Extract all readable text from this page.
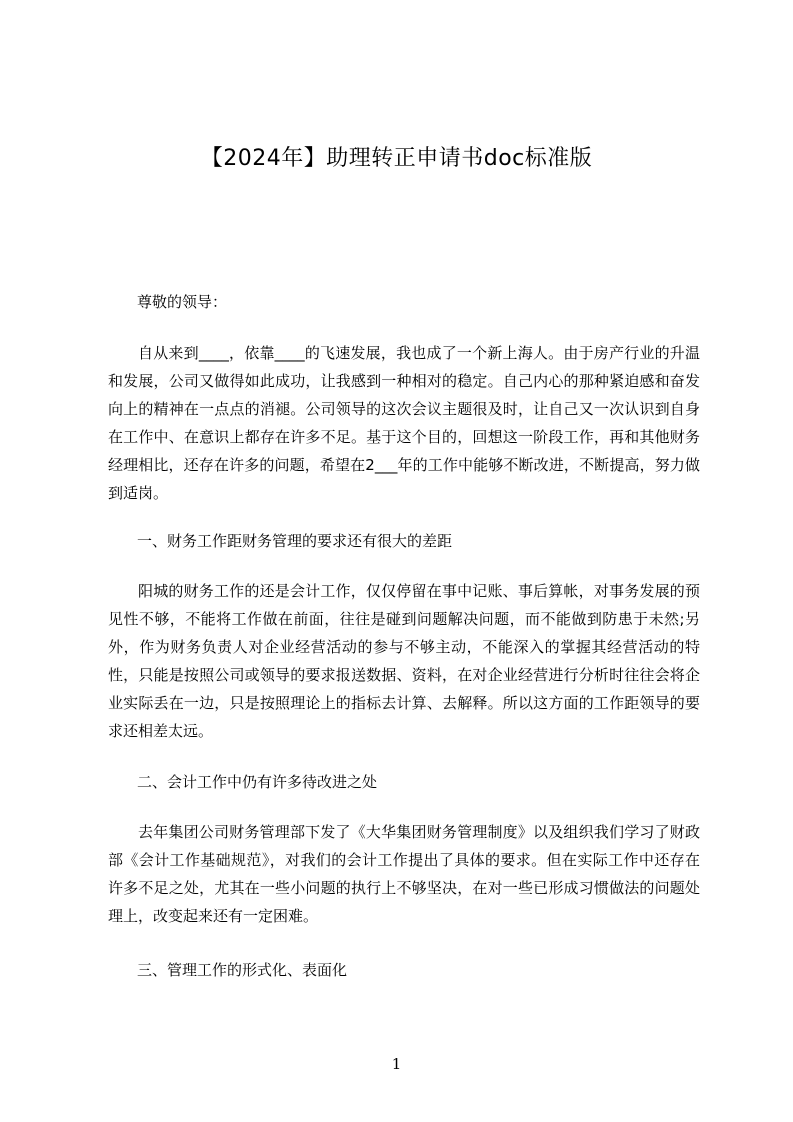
【2024年】助理转正申请书doc标准版
尊敬的领导：

自从来到____，依靠____的飞速发展，我也成了一个新上海人。由于房产行业的升温和发展，公司又做得如此成功，让我感到一种相对的稳定。自己内心的那种紧迫感和奋发向上的精神在一点点的消褪。公司领导的这次会议主题很及时，让自己又一次认识到自身在工作中、在意识上都存在许多不足。基于这个目的，回想这一阶段工作，再和其他财务经理相比，还存在许多的问题，希望在2___年的工作中能够不断改进，不断提高，努力做到适岗。

一、财务工作距财务管理的要求还有很大的差距

阳城的财务工作的还是会计工作，仅仅停留在事中记账、事后算帐，对事务发展的预见性不够，不能将工作做在前面，往往是碰到问题解决问题，而不能做到防患于未然;另外，作为财务负责人对企业经营活动的参与不够主动，不能深入的掌握其经营活动的特性，只能是按照公司或领导的要求报送数据、资料，在对企业经营进行分析时往往会将企业实际丢在一边，只是按照理论上的指标去计算、去解释。所以这方面的工作距领导的要求还相差太远。

二、会计工作中仍有许多待改进之处

去年集团公司财务管理部下发了《大华集团财务管理制度》以及组织我们学习了财政部《会计工作基础规范》，对我们的会计工作提出了具体的要求。但在实际工作中还存在许多不足之处，尤其在一些小问题的执行上不够坚决，在对一些已形成习惯做法的问题处理上，改变起来还有一定困难。

三、管理工作的形式化、表面化
1
